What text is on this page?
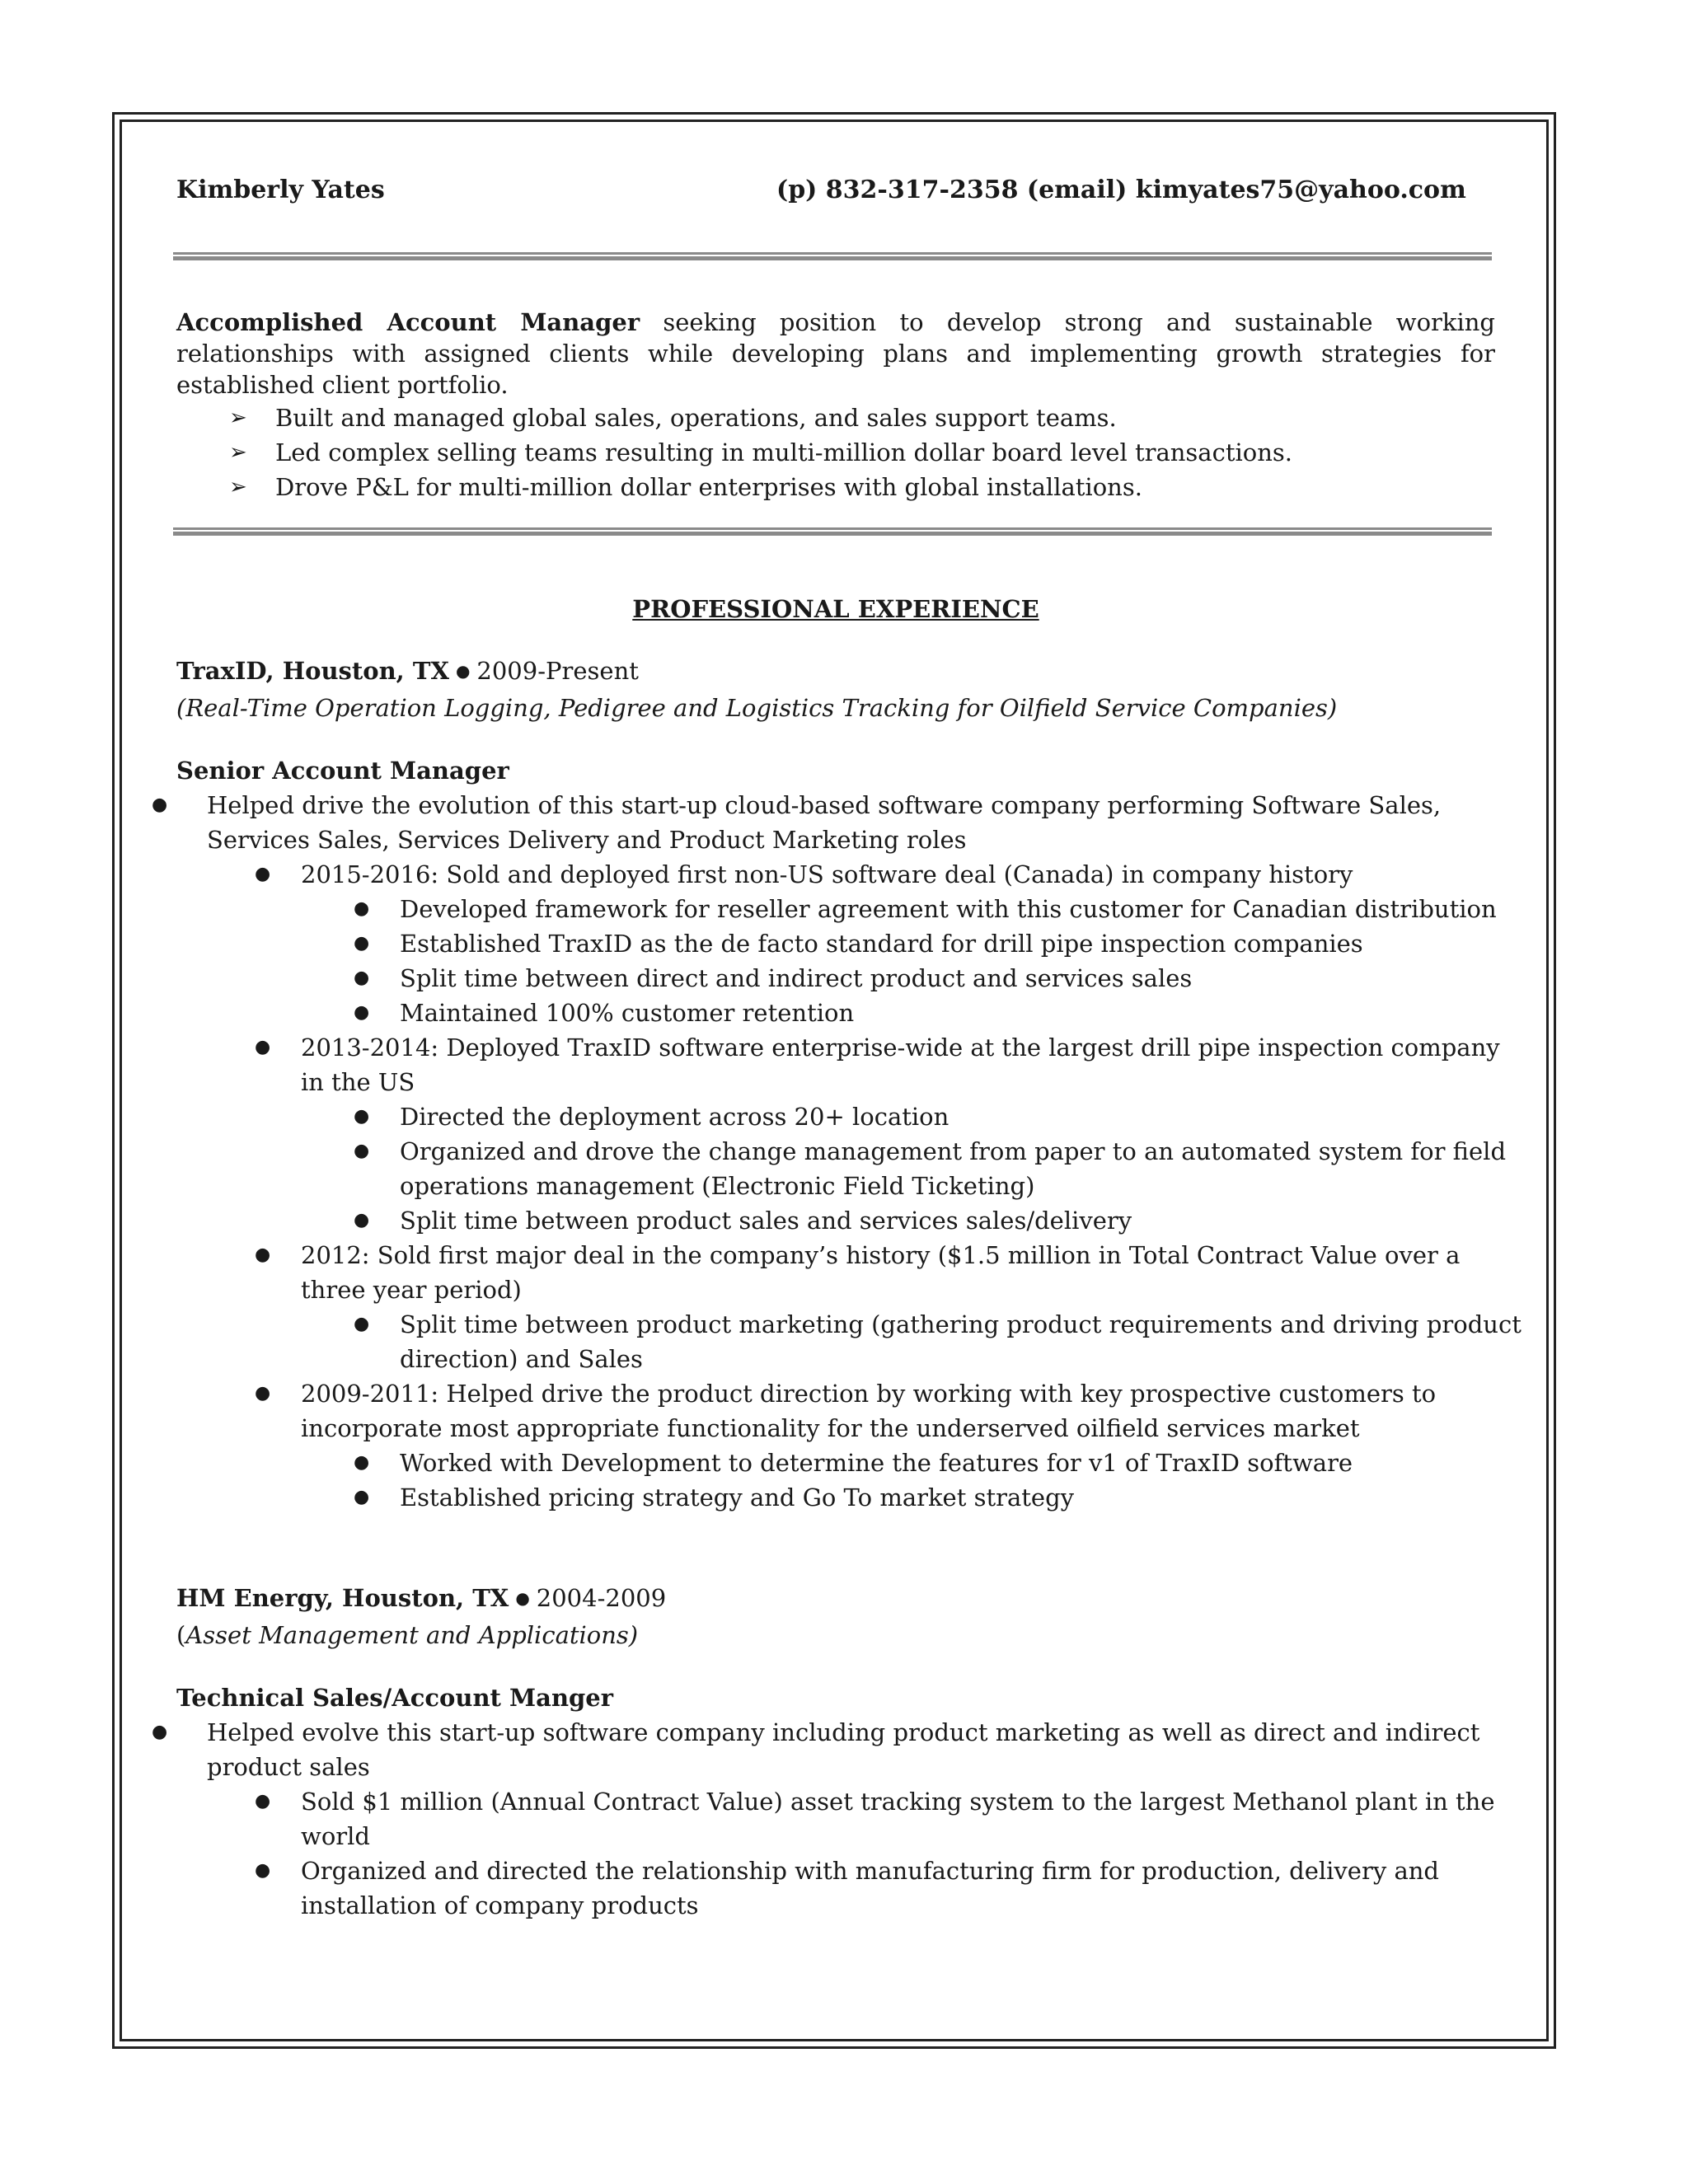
Kimberly Yates	(p) 832-317-2358 (email) kimyates75@yahoo.com
Accomplished Account Manager seeking position to develop strong and sustainable working relationships with assigned clients while developing plans and implementing growth strategies for established client portfolio.
➢ Built and managed global sales, operations, and sales support teams.
➢ Led complex selling teams resulting in multi-million dollar board level transactions.
➢ Drove P&L for multi-million dollar enterprises with global installations.
PROFESSIONAL EXPERIENCE
TraxID, Houston, TX ● 2009-Present
(Real-Time Operation Logging, Pedigree and Logistics Tracking for Oilfield Service Companies)
Senior Account Manager
● Helped drive the evolution of this start-up cloud-based software company performing Software Sales, Services Sales, Services Delivery and Product Marketing roles
● 2015-2016: Sold and deployed first non-US software deal (Canada) in company history
● Developed framework for reseller agreement with this customer for Canadian distribution
● Established TraxID as the de facto standard for drill pipe inspection companies
● Split time between direct and indirect product and services sales
● Maintained 100% customer retention
● 2013-2014: Deployed TraxID software enterprise-wide at the largest drill pipe inspection company in the US
● Directed the deployment across 20+ location
● Organized and drove the change management from paper to an automated system for field operations management (Electronic Field Ticketing)
● Split time between product sales and services sales/delivery
● 2012: Sold first major deal in the company’s history ($1.5 million in Total Contract Value over a three year period)
● Split time between product marketing (gathering product requirements and driving product direction) and Sales
● 2009-2011: Helped drive the product direction by working with key prospective customers to incorporate most appropriate functionality for the underserved oilfield services market
● Worked with Development to determine the features for v1 of TraxID software
● Established pricing strategy and Go To market strategy
HM Energy, Houston, TX ● 2004-2009
(Asset Management and Applications)
Technical Sales/Account Manger
● Helped evolve this start-up software company including product marketing as well as direct and indirect product sales
● Sold $1 million (Annual Contract Value) asset tracking system to the largest Methanol plant in the world
● Organized and directed the relationship with manufacturing firm for production, delivery and installation of company products
